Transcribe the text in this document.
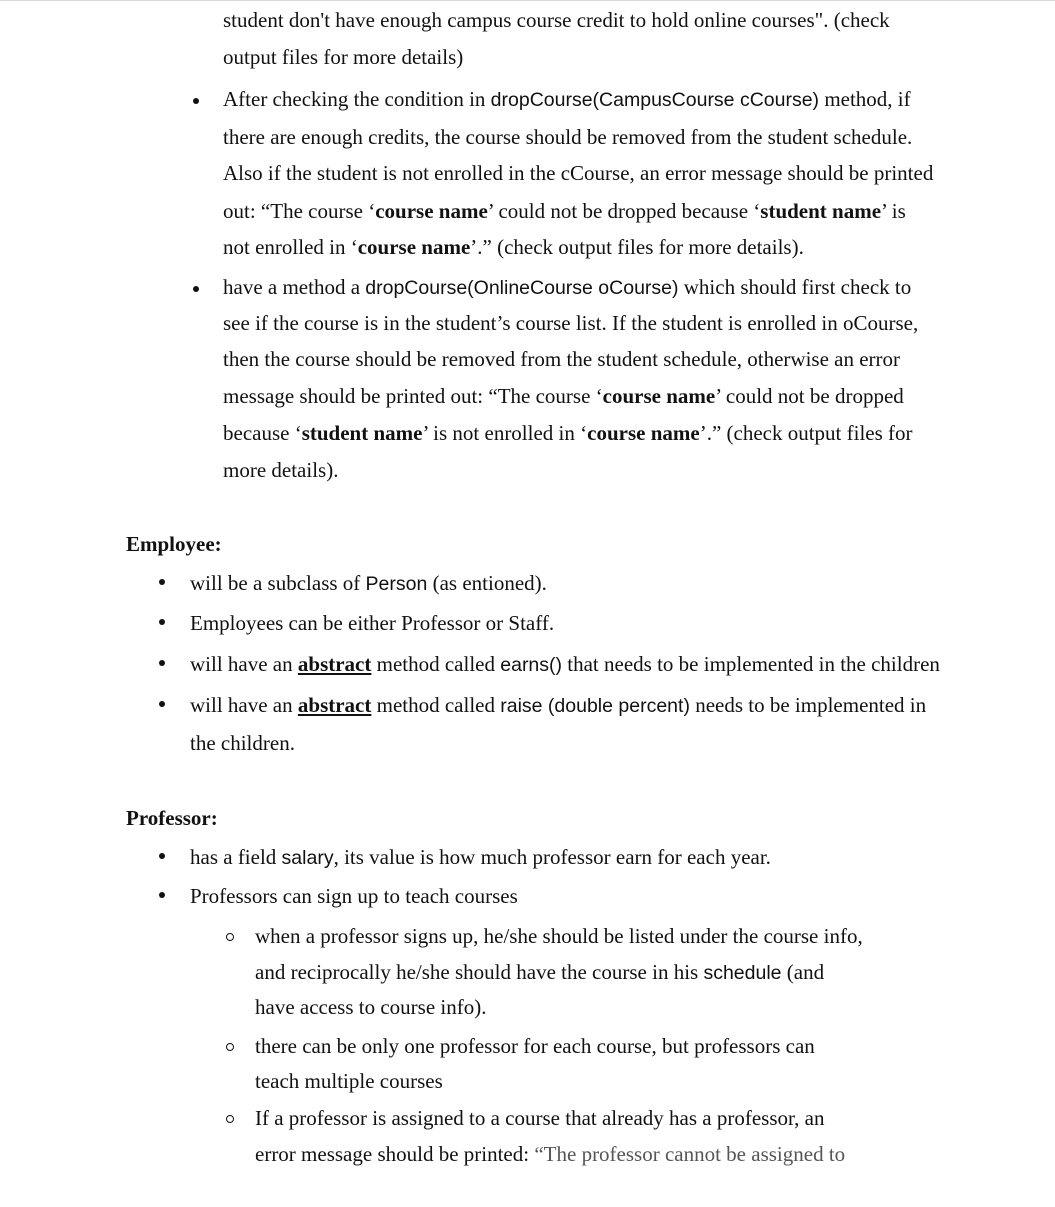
student don't have enough campus course credit to hold online courses". (check
output files for more details)
After checking the condition in dropCourse(CampusCourse cCourse) method, if
there are enough credits, the course should be removed from the student schedule.
Also if the student is not enrolled in the cCourse, an error message should be printed
out: “The course ‘course name’ could not be dropped because ‘student name’ is
not enrolled in ‘course name’.” (check output files for more details).
have a method a dropCourse(OnlineCourse oCourse) which should first check to
see if the course is in the student’s course list. If the student is enrolled in oCourse,
then the course should be removed from the student schedule, otherwise an error
message should be printed out: “The course ‘course name’ could not be dropped
because ‘student name’ is not enrolled in ‘course name’.” (check output files for
more details).
Employee:
will be a subclass of Person (as entioned).
Employees can be either Professor or Staff.
will have an abstract method called earns() that needs to be implemented in the children
will have an abstract method called raise (double percent) needs to be implemented in
the children.
Professor:
has a field salary, its value is how much professor earn for each year.
Professors can sign up to teach courses
when a professor signs up, he/she should be listed under the course info,
and reciprocally he/she should have the course in his schedule (and
have access to course info).
there can be only one professor for each course, but professors can
teach multiple courses
If a professor is assigned to a course that already has a professor, an
error message should be printed: “The professor cannot be assigned to
